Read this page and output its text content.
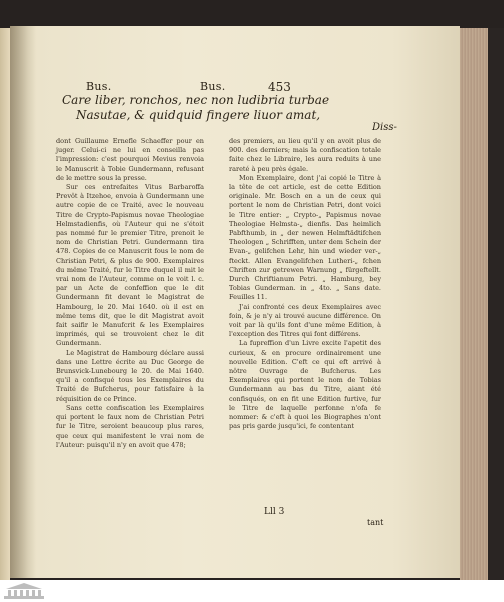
Bus.	Bus.	453
Care liber, ronchos, nec non ludibria turbae
Nasutae, & quidquid fingere liuor amat,
Diss-

dont Guillaume Ernefle Schaeffer pour en juger. Celui-ci ne lui en conseilla pas l'impression: c'est pourquoi Mevius renvoia le Manuscrit à Tobie Gundermann, refusant de le mettre sous la presse.

Sur ces entrefaites Vitus Barbaroffa Prevôt à Itzehoe, envoia à Gundermann une autre copie de ce Traité, avec le nouveau Titre de Crypto-Papismus novae Theologiae Helmstadienfis, où l'Auteur qui ne s'étoit pas nommé fur le premier Titre, prenoit le nom de Christian Petri. Gundermann tira 478. Copies de ce Manuscrit fous le nom de Christian Petri, & plus de 900. Exemplaires du même Traité, fur le Titre duquel il mit le vrai nom de l'Auteur, comme on le voit l. c. par un Acte de confeffion que le dit Gundermann fit devant le Magistrat de Hambourg, le 20. Mai 1640. où il est en même tems dit, que le dit Magistrat avoit fait saifir le Manufcrit & les Exemplaires imprimés, qui se trouvoient chez le dit Gundermann.

Le Magistrat de Hambourg déclare aussi dans une Lettre écrite au Duc George de Brunsvick-Lunebourg le 20. de Mai 1640. qu'il a confisqué tous les Exemplaires du Traité de Bufcherus, pour fatisfaire à la réquisition de ce Prince.

Sans cette confiscation les Exemplaires qui portent le faux nom de Christian Petri fur le Titre, seroient beaucoup plus rares, que ceux qui manifestent le vrai nom de l'Auteur: puisqu'il n'y en avoit que 478;

des premiers, au lieu qu'il y en avoit plus de 900. des derniers; mais la confiscation totale faite chez le Libraire, les aura reduits à une rareté à peu près égale.

Mon Exemplaire, dont j'ai copié le Titre à la tête de cet article, est de cette Edition originale. Mr. Bosch en a un de ceux qui portent le nom de Christian Petri, dont voici le Titre entier: „ Crypto-„ Papismus novae Theologiae Helmsta-„ dienfis. Das heimlich Pabfthumb, in „ der newen Helmftädtifchen Theologen „ Schrifften, unter dem Schein der Evan-„ gelifchen Lehr, hin und wieder ver-„ fteckt. Allen Evangelifchen Lutheri-„ fchen Chriften zur getrewen Warnung „ fürgeftellt. Durch Chriftianum Petri. „ Hamburg, bey Tobias Gunderman. in „ 4to. „ Sans date. Feuilles 11.

J'ai confronté ces deux Exemplaires avec foin, & je n'y ai trouvé aucune différence. On voit par là qu'ils font d'une même Edition, à l'exception des Titres qui font différens.

La fupreffion d'un Livre excite l'apetit des curieux, & en procure ordinairement une nouvelle Edition. C'eft ce qui eft arrivé à nôtre Ouvrage de Bufcherus. Les Exemplaires qui portent le nom de Tobias Gundermann au bas du Titre, aiant été confisqués, on en fit une Edition furtive, fur le Titre de laquelle perfonne n'ofa fe nommer: & c'eft à quoi les Biographes n'ont pas pris garde jusqu'ici, fe contentant

Lll 3
tant
